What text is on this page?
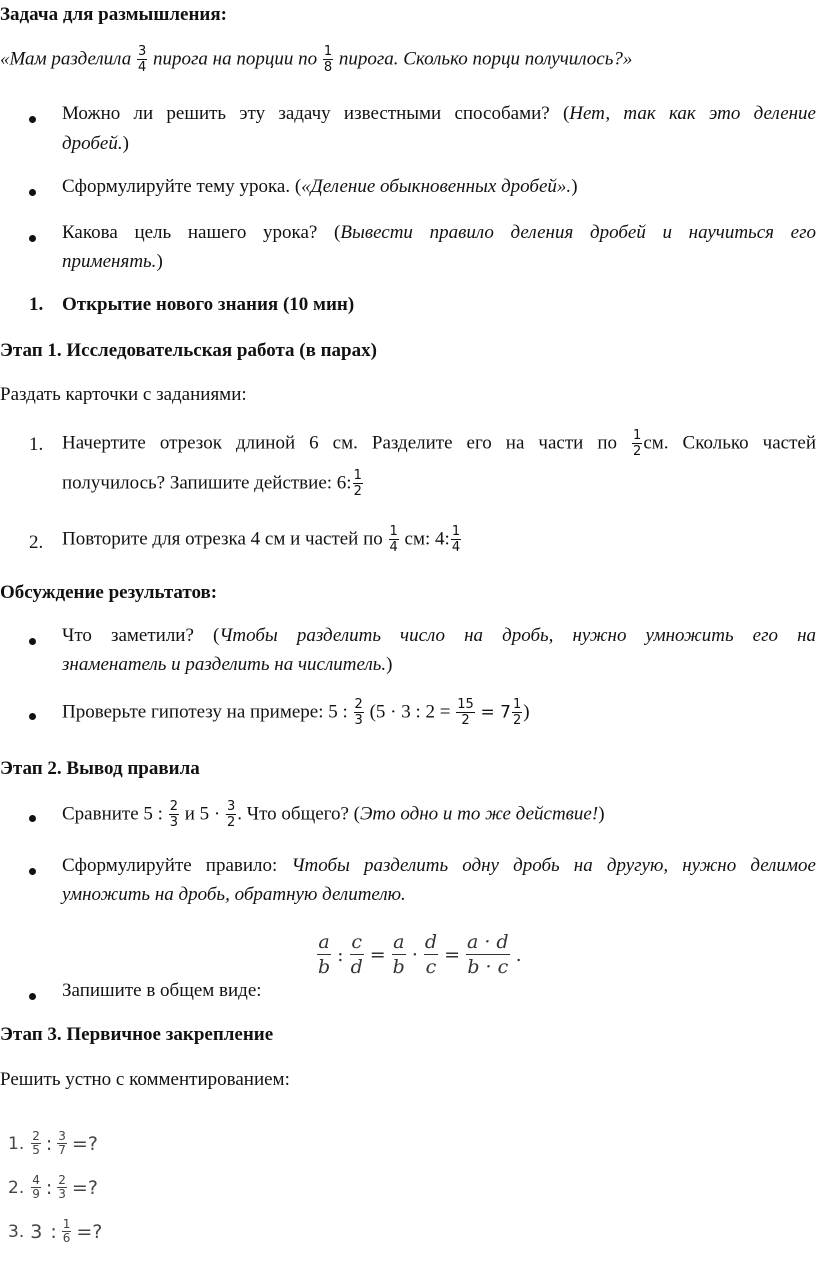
Задача для размышления:
«Мам разделила $\frac{3}{4}$ пирога на порции по $\frac{1}{8}$ пирога. Сколько порци получилось?»
Можно ли решить эту задачу известными способами? (Нет, так как это деление
дробей.)
Сформулируйте тему урока. («Деление обыкновенных дробей».)
Какова цель нашего урока? (Вывести правило деления дробей и научиться его
применять.)
1. Открытие нового знания (10 мин)
Этап 1. Исследовательская работа (в парах)
Раздать карточки с заданиями:
1. Начертите отрезок длиной 6 см. Разделите его на части по $\frac{1}{2}$ см. Сколько частей
получилось? Запишите действие: 6: $\frac{1}{2}$
2. Повторите для отрезка 4 см и частей по $\frac{1}{4}$ см: 4: $\frac{1}{4}$
Обсуждение результатов:
Что заметили? (Чтобы разделить число на дробь, нужно умножить его на
знаменатель и разделить на числитель.)
Проверьте гипотезу на примере: 5 : $\frac{2}{3} (5 \cdot 3$ : $2 = \frac{15}{2} = 7 \frac{1}{2}$ )
Этап 2. Вывод правила
Сравните 5 : $\frac{2}{3}$ и $5 \cdot \frac{3}{2}$ . Что общего? (Это одно и то же действие!)
Сформулируйте правило: Чтобы разделить одну дробь на другую, нужно делимое
умножить на дробь, обратную делителю.
$\frac{a}{b}$ : $\frac{c}{d} = \frac{a}{b} \cdot \frac{d}{c} = \frac{a \cdot d}{b \cdot c}$ .
Запишите в общем виде:
Этап 3. Первичное закрепление
Решить устно с комментированием:
1. $\frac{2}{5}$ : $\frac{3}{7}$ =?
2. $\frac{4}{9}$ : $\frac{2}{3}$ =?
3. 3 : $\frac{1}{6}$ =?
